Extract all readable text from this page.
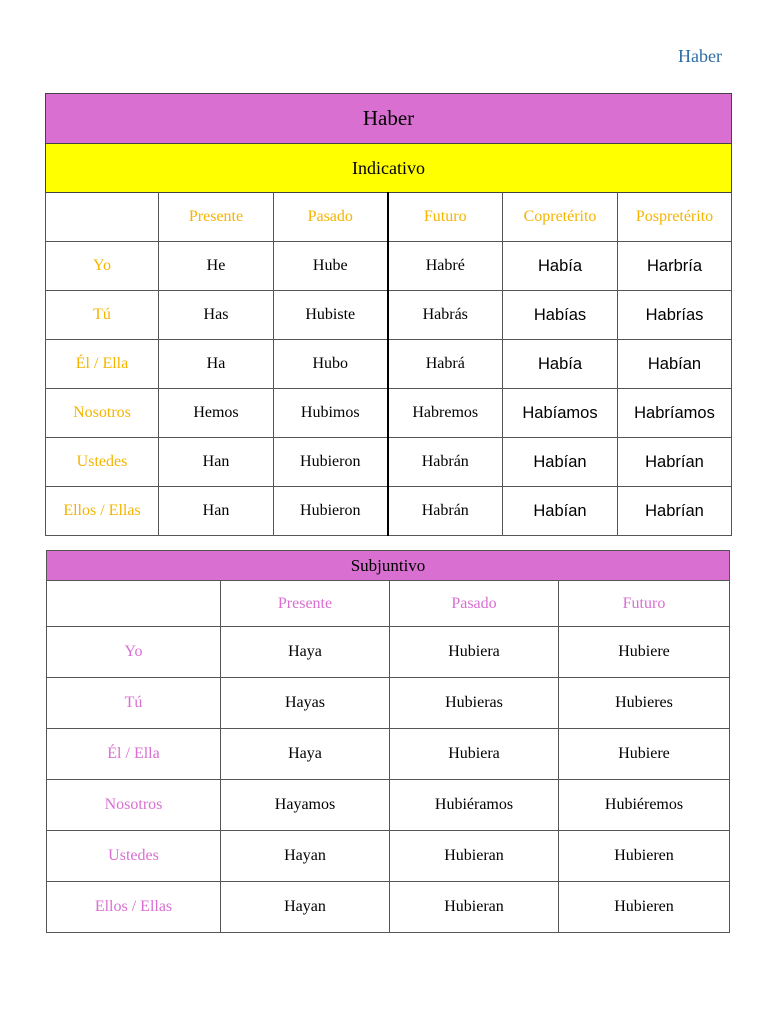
Haber
Haber					
Indicativo					
	Presente	Pasado	Futuro	Copretérito	Pospretérito
Yo	He	Hube	Habré	Había	Harbría
Tú	Has	Hubiste	Habrás	Habías	Habrías
Él / Ella	Ha	Hubo	Habrá	Había	Habían
Nosotros	Hemos	Hubimos	Habremos	Habíamos	Habríamos
Ustedes	Han	Hubieron	Habrán	Habían	Habrían
Ellos / Ellas	Han	Hubieron	Habrán	Habían	Habrían
Subjuntivo			
	Presente	Pasado	Futuro
Yo	Haya	Hubiera	Hubiere
Tú	Hayas	Hubieras	Hubieres
Él / Ella	Haya	Hubiera	Hubiere
Nosotros	Hayamos	Hubiéramos	Hubiéremos
Ustedes	Hayan	Hubieran	Hubieren
Ellos / Ellas	Hayan	Hubieran	Hubieren
